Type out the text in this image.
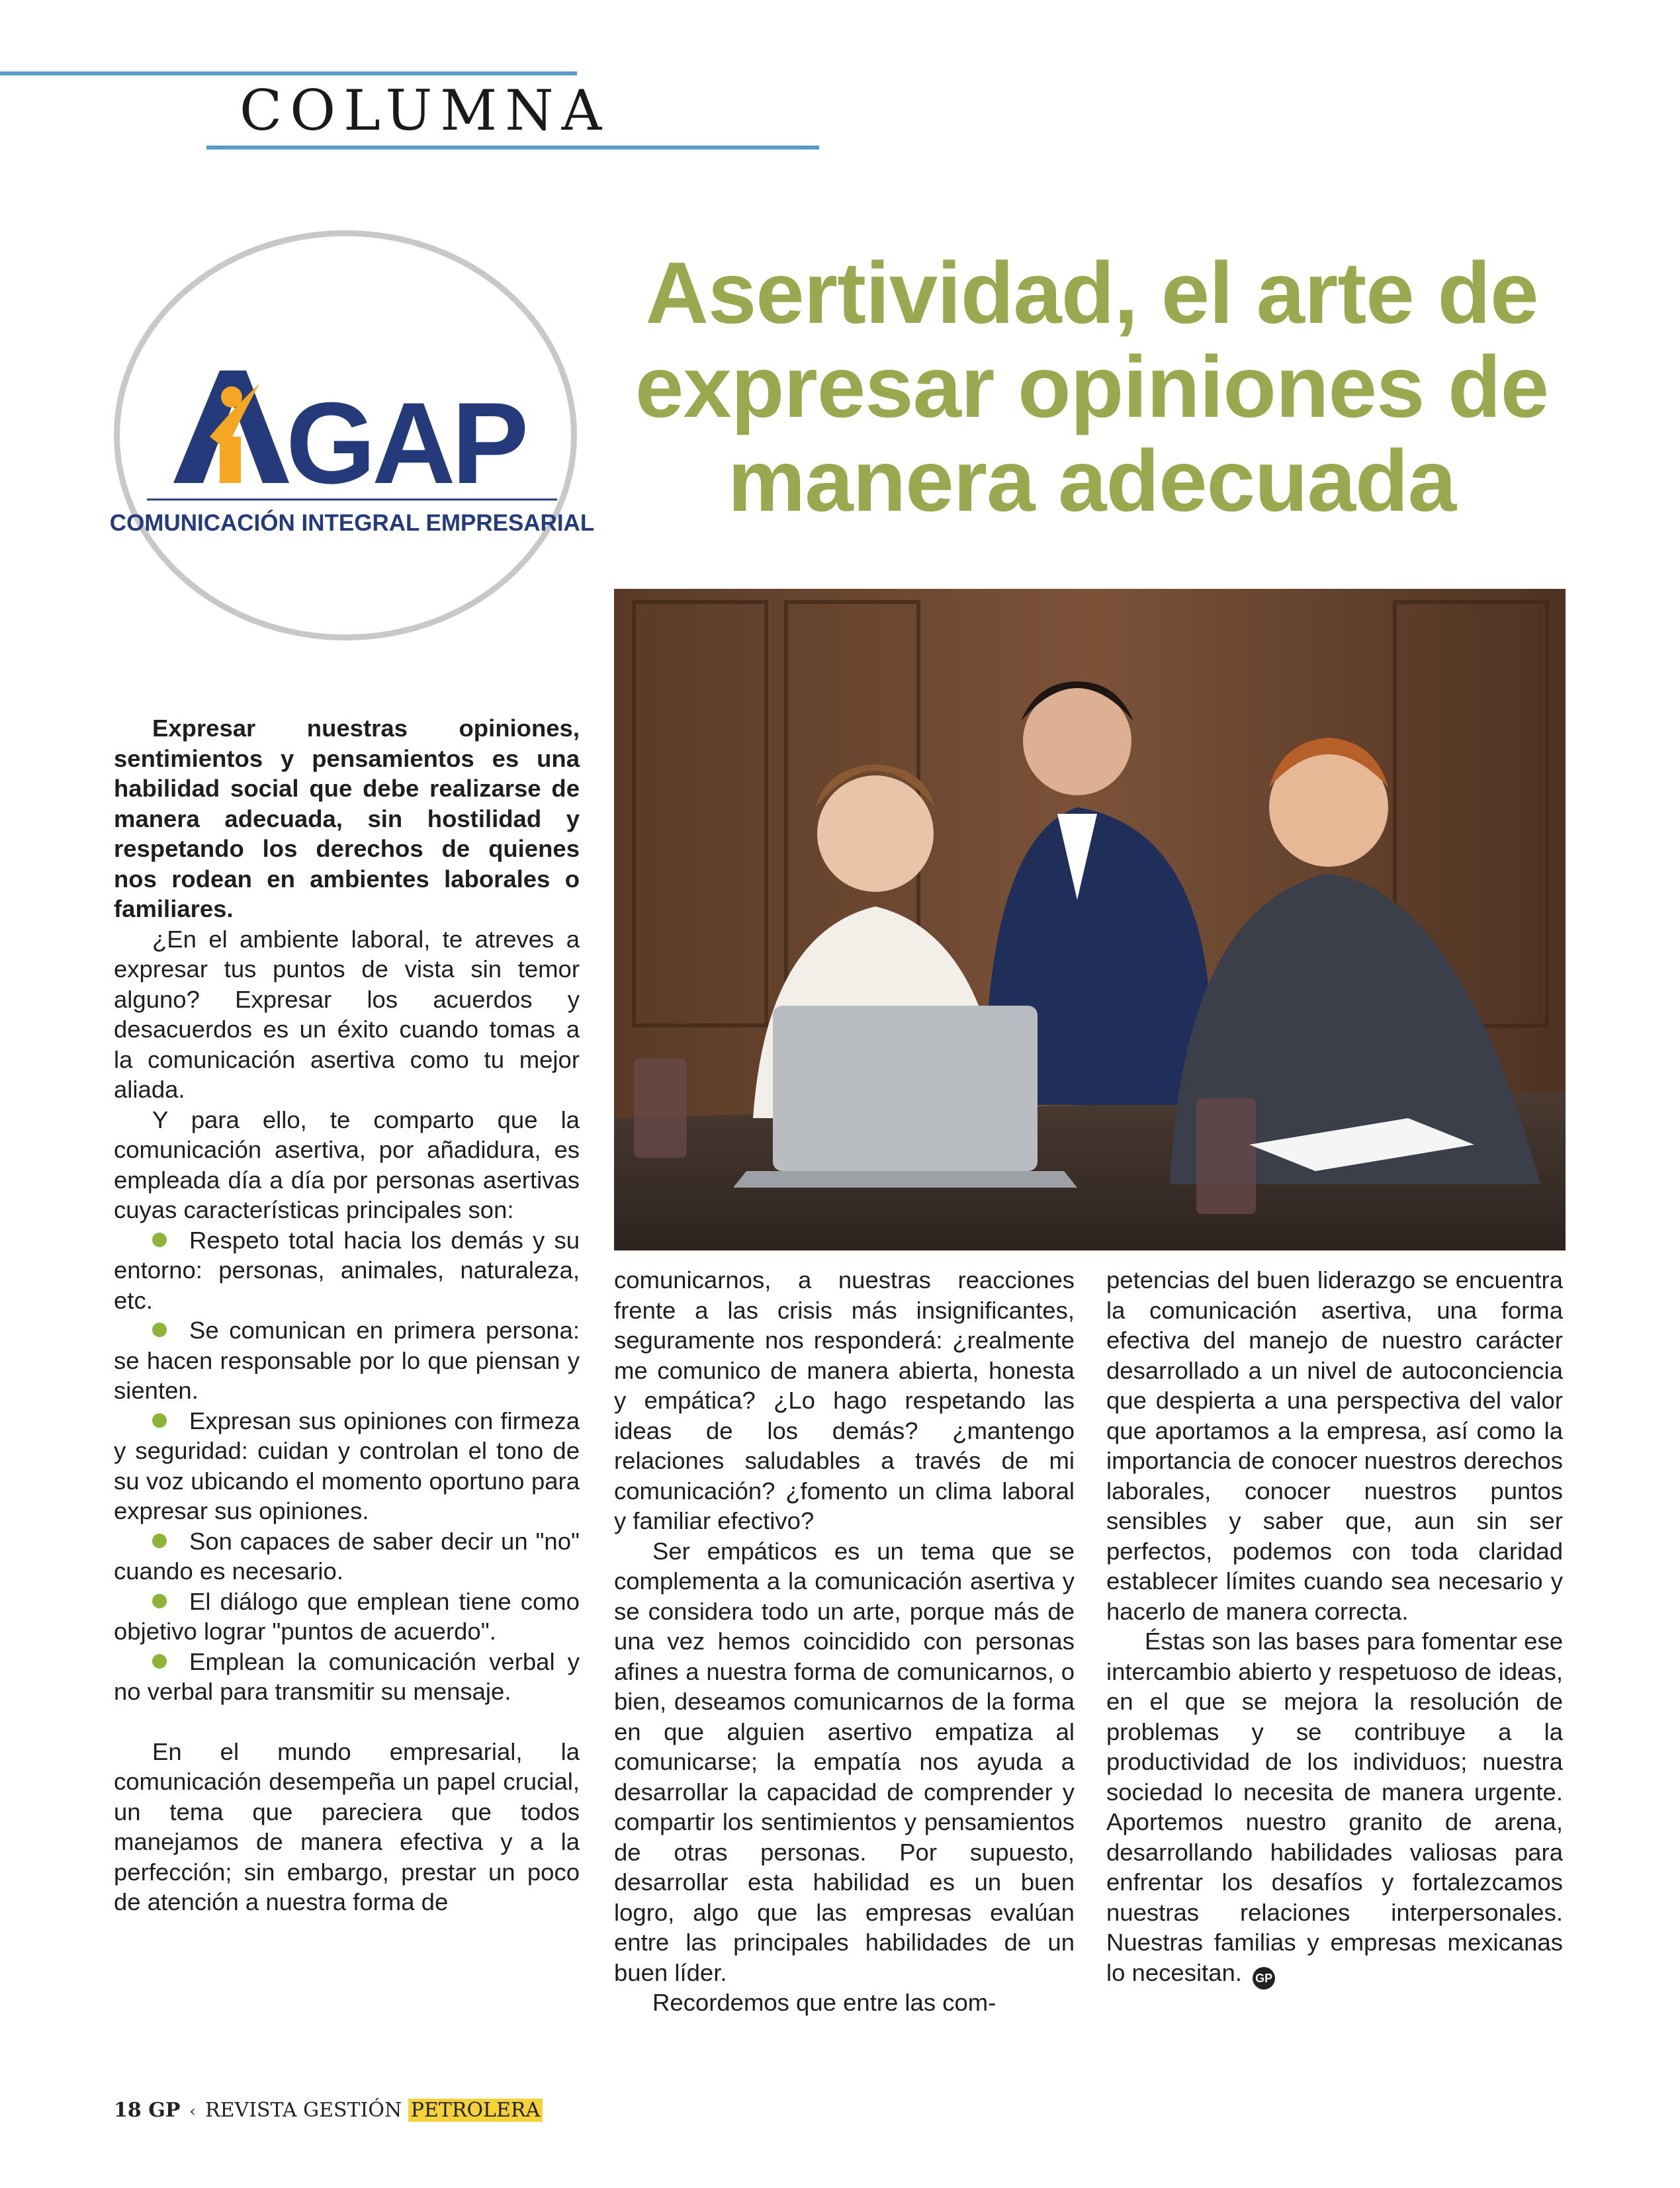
COLUMNA
GAP
COMUNICACIÓN INTEGRAL EMPRESARIAL
Asertividad, el arte de
expresar opiniones de
manera adecuada

Expresar nuestras opiniones, sentimientos y pensamientos es una habilidad social que debe realizarse de manera adecuada, sin hostilidad y respetando los derechos de quienes nos rodean en ambientes laborales o familiares.

¿En el ambiente laboral, te atreves a expresar tus puntos de vista sin temor alguno? Expresar los acuerdos y desacuerdos es un éxito cuando tomas a la comunicación asertiva como tu mejor aliada.

Y para ello, te comparto que la comunicación asertiva, por añadidura, es empleada día a día por personas asertivas cuyas características principales son:

Respeto total hacia los demás y su entorno: personas, animales, naturaleza, etc.

Se comunican en primera persona: se hacen responsable por lo que piensan y sienten.

Expresan sus opiniones con firmeza y seguridad: cuidan y controlan el tono de su voz ubicando el momento oportuno para expresar sus opiniones.

Son capaces de saber decir un "no" cuando es necesario.

El diálogo que emplean tiene como objetivo lograr "puntos de acuerdo".

Emplean la comunicación verbal y no verbal para transmitir su mensaje.

En el mundo empresarial, la comunicación desempeña un papel crucial, un tema que pareciera que todos manejamos de manera efectiva y a la perfección; sin embargo, prestar un poco de atención a nuestra forma de

comunicarnos, a nuestras reacciones frente a las crisis más insignificantes, seguramente nos responderá: ¿realmente me comunico de manera abierta, honesta y empática? ¿Lo hago respetando las ideas de los demás? ¿mantengo relaciones saludables a través de mi comunicación? ¿fomento un clima laboral y familiar efectivo?

Ser empáticos es un tema que se complementa a la comunicación asertiva y se considera todo un arte, porque más de una vez hemos coincidido con personas afines a nuestra forma de comunicarnos, o bien, deseamos comunicarnos de la forma en que alguien asertivo empatiza al comunicarse; la empatía nos ayuda a desarrollar la capacidad de comprender y compartir los sentimientos y pensamientos de otras personas. Por supuesto, desarrollar esta habilidad es un buen logro, algo que las empresas evalúan entre las principales habilidades de un buen líder.

Recordemos que entre las com-

petencias del buen liderazgo se encuentra la comunicación asertiva, una forma efectiva del manejo de nuestro carácter desarrollado a un nivel de autoconciencia que despierta a una perspectiva del valor que aportamos a la empresa, así como la importancia de conocer nuestros derechos laborales, conocer nuestros puntos sensibles y saber que, aun sin ser perfectos, podemos con toda claridad establecer límites cuando sea necesario y hacerlo de manera correcta.

Éstas son las bases para fomentar ese intercambio abierto y respetuoso de ideas, en el que se mejora la resolución de problemas y se contribuye a la productividad de los individuos; nuestra sociedad lo necesita de manera urgente. Aportemos nuestro granito de arena, desarrollando habilidades valiosas para enfrentar los desafíos y fortalezcamos nuestras relaciones interpersonales. Nuestras familias y empresas mexicanas lo necesitan. GP

18 GP ‹ REVISTA GESTIÓN PETROLERA
